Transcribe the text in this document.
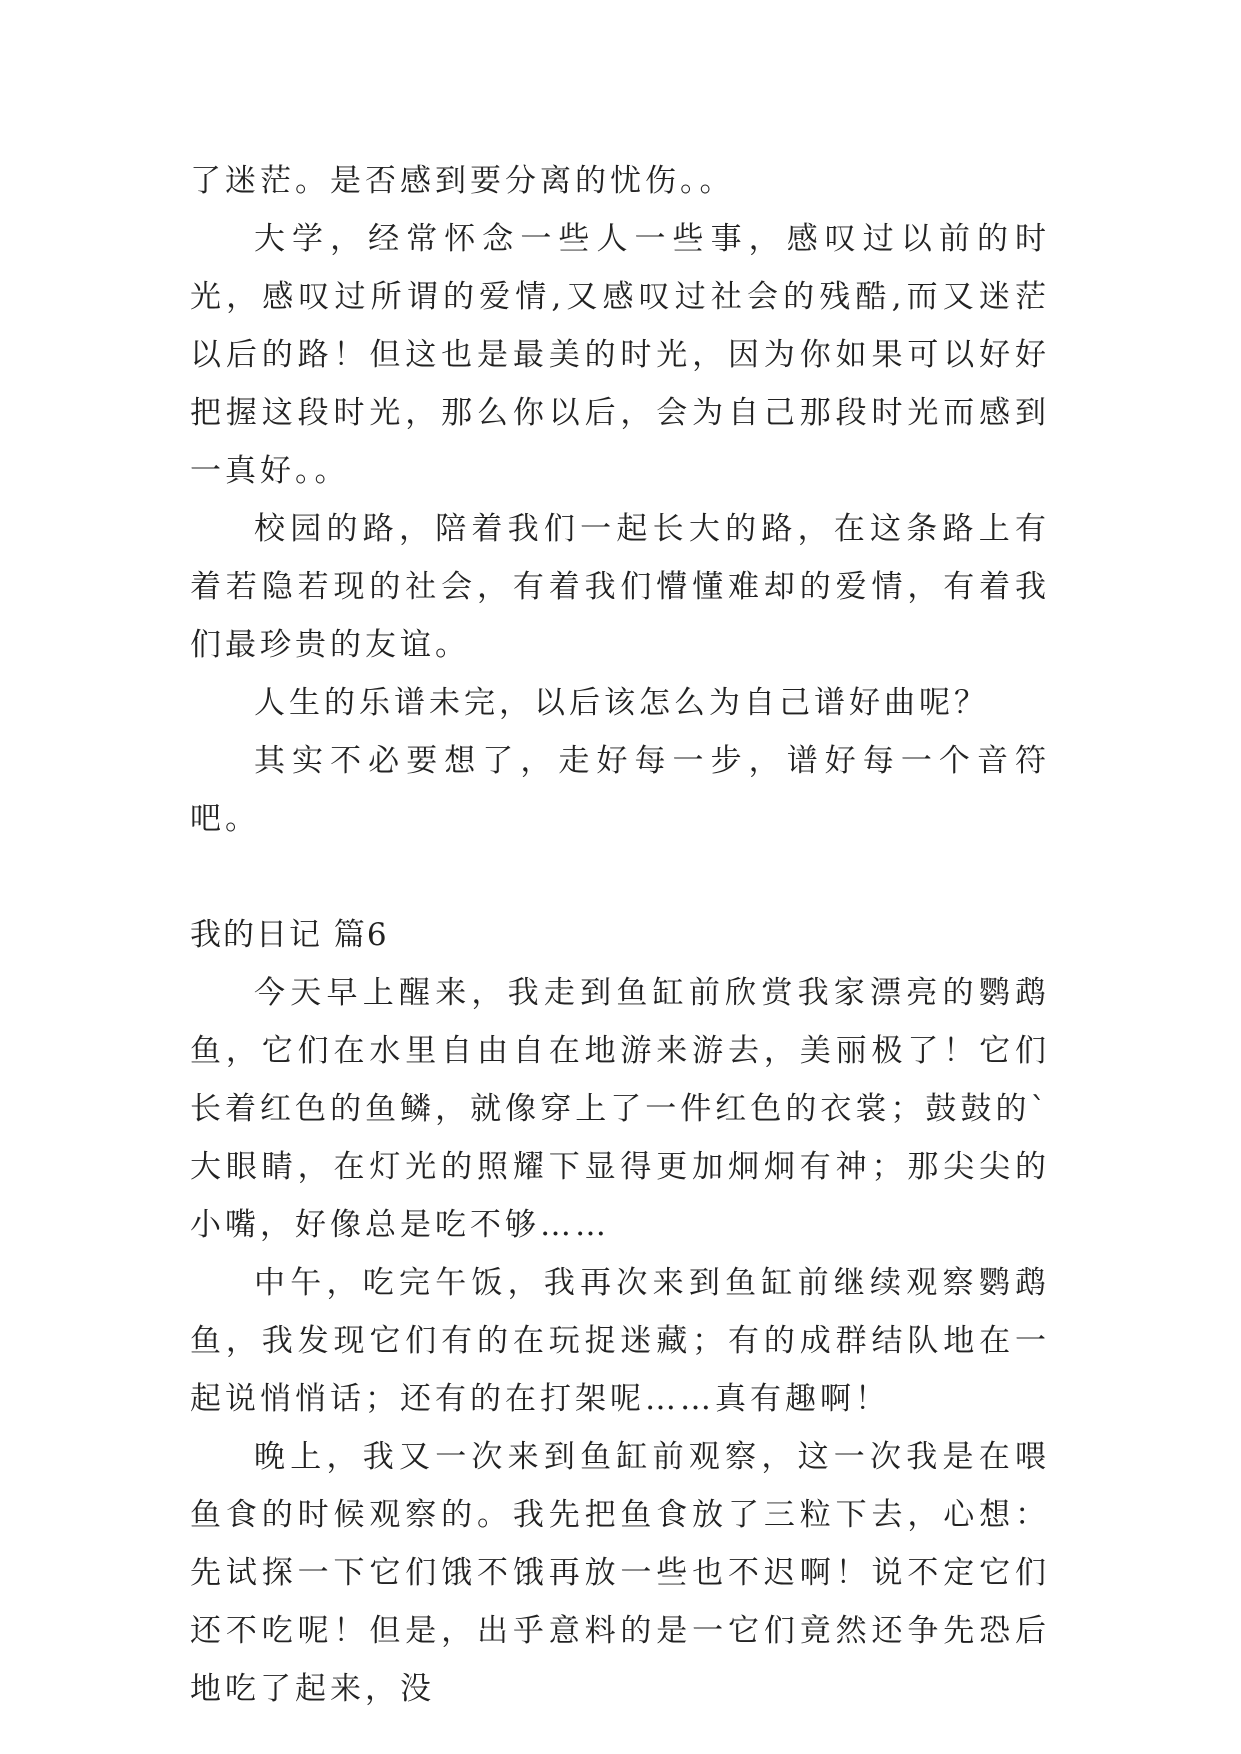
了迷茫。是否感到要分离的忧伤。。

大学，经常怀念一些人一些事，感叹过以前的时光，感叹过所谓的爱情,又感叹过社会的残酷,而又迷茫以后的路！但这也是最美的时光，因为你如果可以好好把握这段时光，那么你以后，会为自己那段时光而感到一真好。。

校园的路，陪着我们一起长大的路，在这条路上有着若隐若现的社会，有着我们懵懂难却的爱情，有着我们最珍贵的友谊。

人生的乐谱未完，以后该怎么为自己谱好曲呢？

其实不必要想了，走好每一步，谱好每一个音符吧。

我的日记 篇6

今天早上醒来，我走到鱼缸前欣赏我家漂亮的鹦鹉鱼，它们在水里自由自在地游来游去，美丽极了！它们长着红色的鱼鳞，就像穿上了一件红色的衣裳；鼓鼓的`大眼睛，在灯光的照耀下显得更加炯炯有神；那尖尖的小嘴，好像总是吃不够……

中午，吃完午饭，我再次来到鱼缸前继续观察鹦鹉鱼，我发现它们有的在玩捉迷藏；有的成群结队地在一起说悄悄话；还有的在打架呢……真有趣啊！

晚上，我又一次来到鱼缸前观察，这一次我是在喂鱼食的时候观察的。我先把鱼食放了三粒下去，心想：先试探一下它们饿不饿再放一些也不迟啊！说不定它们还不吃呢！但是，出乎意料的是一它们竟然还争先恐后地吃了起来，没
